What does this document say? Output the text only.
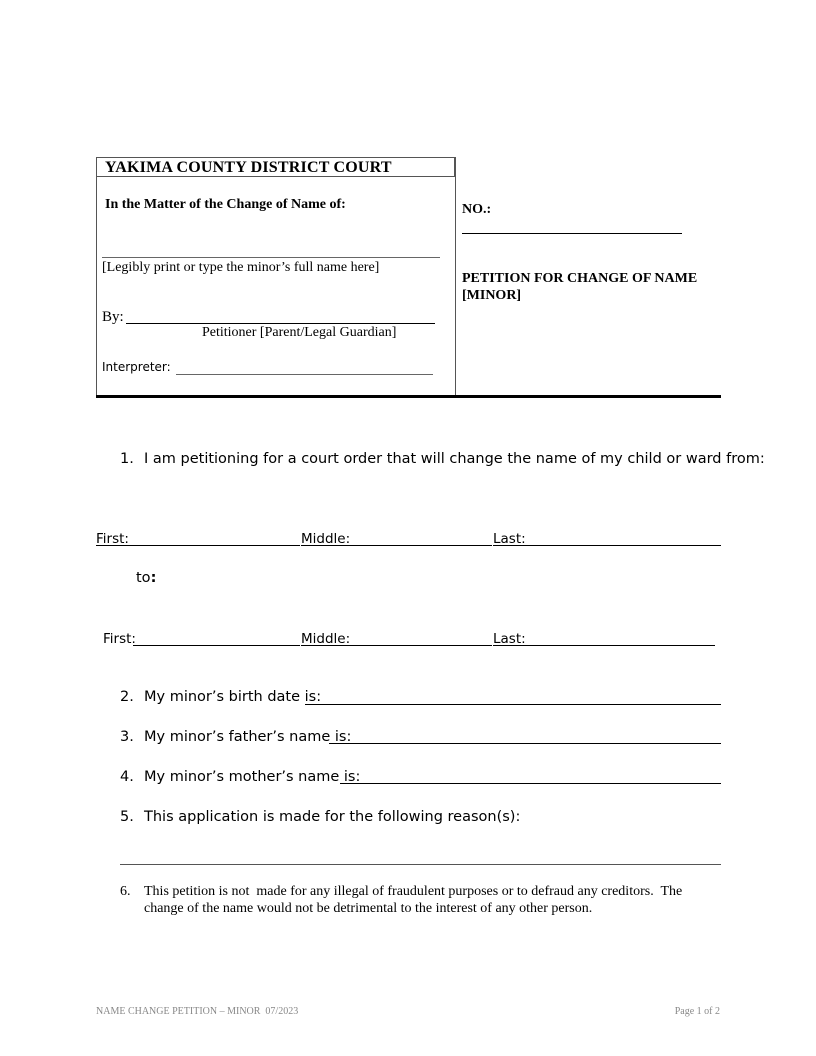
YAKIMA COUNTY DISTRICT COURT
In the Matter of the Change of Name of:
[Legibly print or type the minor’s full name here]
By:
Petitioner [Parent/Legal Guardian]
Interpreter:
NO.:
PETITION FOR CHANGE OF NAME
[MINOR]
1. I am petitioning for a court order that will change the name of my child or ward from:
First:	Middle:	Last:
to:
First:	Middle:	Last:
2. My minor’s birth date is:
3. My minor’s father’s name is:
4. My minor’s mother’s name is:
5. This application is made for the following reason(s):
6. This petition is not  made for any illegal of fraudulent purposes or to defraud any creditors.  The
change of the name would not be detrimental to the interest of any other person.
NAME CHANGE PETITION – MINOR  07/2023	Page 1 of 2
